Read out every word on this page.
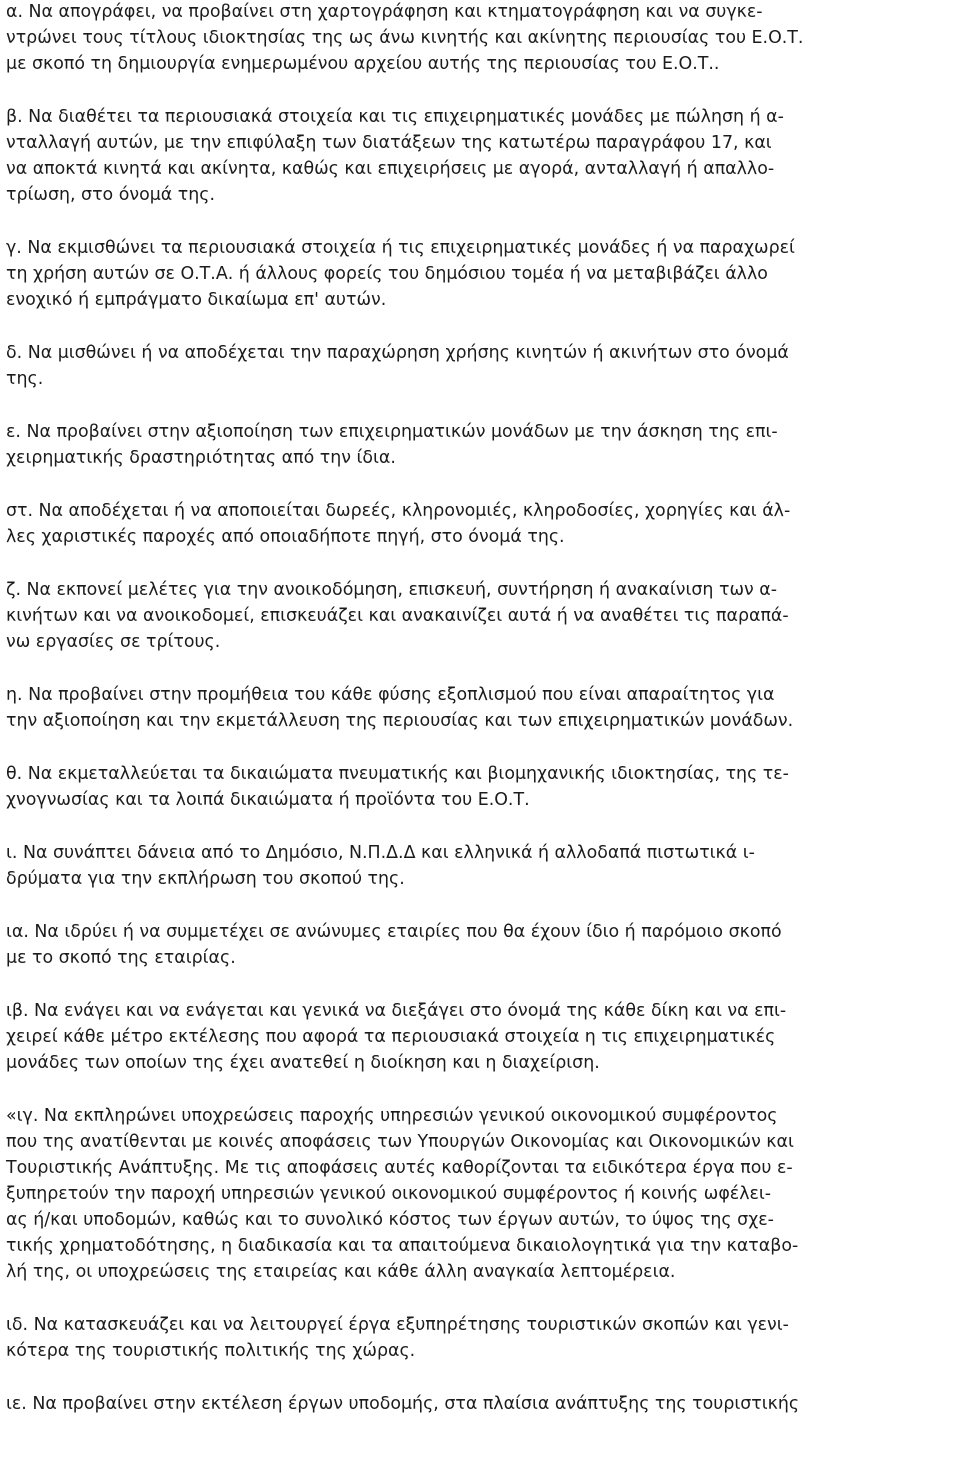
α. Να απογράφει, να προβαίνει στη χαρτογράφηση και κτηματογράφηση και να συγκε-
ντρώνει τους τίτλους ιδιοκτησίας της ως άνω κινητής και ακίνητης περιουσίας του Ε.Ο.Τ.
με σκοπό τη δημιουργία ενημερωμένου αρχείου αυτής της περιουσίας του Ε.Ο.Τ..
β. Να διαθέτει τα περιουσιακά στοιχεία και τις επιχειρηματικές μονάδες με πώληση ή α-
νταλλαγή αυτών, με την επιφύλαξη των διατάξεων της κατωτέρω παραγράφου 17, και
να αποκτά κινητά και ακίνητα, καθώς και επιχειρήσεις με αγορά, ανταλλαγή ή απαλλο-
τρίωση, στο όνομά της.
γ. Να εκμισθώνει τα περιουσιακά στοιχεία ή τις επιχειρηματικές μονάδες ή να παραχωρεί
τη χρήση αυτών σε Ο.Τ.Α. ή άλλους φορείς του δημόσιου τομέα ή να μεταβιβάζει άλλο
ενοχικό ή εμπράγματο δικαίωμα επ' αυτών.
δ. Να μισθώνει ή να αποδέχεται την παραχώρηση χρήσης κινητών ή ακινήτων στο όνομά
της.
ε. Να προβαίνει στην αξιοποίηση των επιχειρηματικών μονάδων με την άσκηση της επι-
χειρηματικής δραστηριότητας από την ίδια.
στ. Να αποδέχεται ή να αποποιείται δωρεές, κληρονομιές, κληροδοσίες, χορηγίες και άλ-
λες χαριστικές παροχές από οποιαδήποτε πηγή, στο όνομά της.
ζ. Να εκπονεί μελέτες για την ανοικοδόμηση, επισκευή, συντήρηση ή ανακαίνιση των α-
κινήτων και να ανοικοδομεί, επισκευάζει και ανακαινίζει αυτά ή να αναθέτει τις παραπά-
νω εργασίες σε τρίτους.
η. Να προβαίνει στην προμήθεια του κάθε φύσης εξοπλισμού που είναι απαραίτητος για
την αξιοποίηση και την εκμετάλλευση της περιουσίας και των επιχειρηματικών μονάδων.
θ. Να εκμεταλλεύεται τα δικαιώματα πνευματικής και βιομηχανικής ιδιοκτησίας, της τε-
χνογνωσίας και τα λοιπά δικαιώματα ή προϊόντα του Ε.Ο.Τ.
ι. Να συνάπτει δάνεια από το Δημόσιο, Ν.Π.Δ.Δ και ελληνικά ή αλλοδαπά πιστωτικά ι-
δρύματα για την εκπλήρωση του σκοπού της.
ια. Να ιδρύει ή να συμμετέχει σε ανώνυμες εταιρίες που θα έχουν ίδιο ή παρόμοιο σκοπό
με το σκοπό της εταιρίας.
ιβ. Να ενάγει και να ενάγεται και γενικά να διεξάγει στο όνομά της κάθε δίκη και να επι-
χειρεί κάθε μέτρο εκτέλεσης που αφορά τα περιουσιακά στοιχεία η τις επιχειρηματικές
μονάδες των οποίων της έχει ανατεθεί η διοίκηση και η διαχείριση.
«ιγ. Να εκπληρώνει υποχρεώσεις παροχής υπηρεσιών γενικού οικονομικού συμφέροντος
που της ανατίθενται με κοινές αποφάσεις των Υπουργών Οικονομίας και Οικονομικών και
Τουριστικής Ανάπτυξης. Με τις αποφάσεις αυτές καθορίζονται τα ειδικότερα έργα που ε-
ξυπηρετούν την παροχή υπηρεσιών γενικού οικονομικού συμφέροντος ή κοινής ωφέλει-
ας ή/και υποδομών, καθώς και το συνολικό κόστος των έργων αυτών, το ύψος της σχε-
τικής χρηματοδότησης, η διαδικασία και τα απαιτούμενα δικαιολογητικά για την καταβο-
λή της, οι υποχρεώσεις της εταιρείας και κάθε άλλη αναγκαία λεπτομέρεια.
ιδ. Να κατασκευάζει και να λειτουργεί έργα εξυπηρέτησης τουριστικών σκοπών και γενι-
κότερα της τουριστικής πολιτικής της χώρας.
ιε. Να προβαίνει στην εκτέλεση έργων υποδομής, στα πλαίσια ανάπτυξης της τουριστικής
